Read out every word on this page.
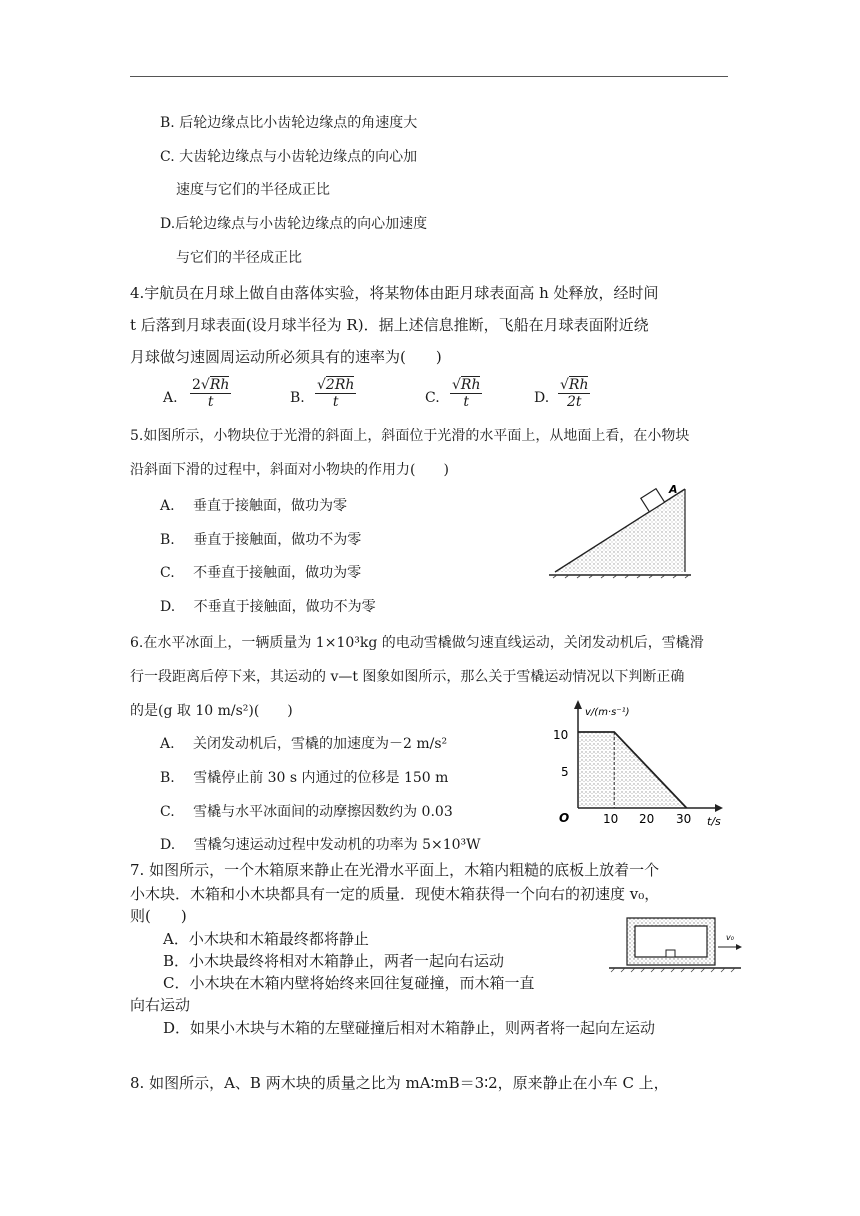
B. 后轮边缘点比小齿轮边缘点的角速度大
C. 大齿轮边缘点与小齿轮边缘点的向心加
速度与它们的半径成正比
D.后轮边缘点与小齿轮边缘点的向心加速度
与它们的半径成正比
4.宇航员在月球上做自由落体实验，将某物体由距月球表面高 h 处释放，经时间
t 后落到月球表面(设月球半径为 R)．据上述信息推断，飞船在月球表面附近绕
月球做匀速圆周运动所必须具有的速率为(　　)
A. $\frac{2√Rh}{t}$	B. $\frac{√2Rh}{t}$	C. $\frac{√Rh}{t}$	D. $\frac{√Rh}{2t}$
5.如图所示，小物块位于光滑的斜面上，斜面位于光滑的水平面上，从地面上看，在小物块
沿斜面下滑的过程中，斜面对小物块的作用力(　　)
A.　 垂直于接触面，做功为零
B.　 垂直于接触面，做功不为零
C.　 不垂直于接触面，做功为零
D.　 不垂直于接触面，做功不为零
A
6.在水平冰面上，一辆质量为 1×10³kg 的电动雪橇做匀速直线运动，关闭发动机后，雪橇滑
行一段距离后停下来，其运动的 v—t 图象如图所示，那么关于雪橇运动情况以下判断正确
的是(g 取 10 m/s²)(　　)
A.　 关闭发动机后，雪橇的加速度为－2 m/s²
B.　 雪橇停止前 30 s 内通过的位移是 150 m
C.　 雪橇与水平冰面间的动摩擦因数约为 0.03
D.　 雪橇匀速运动过程中发动机的功率为 5×10³W
v/(m·s⁻¹)
t/s
O
10
5
10 20 30
7. 如图所示，一个木箱原来静止在光滑水平面上，木箱内粗糙的底板上放着一个
小木块．木箱和小木块都具有一定的质量．现使木箱获得一个向右的初速度 v₀，
则(　　)
A．小木块和木箱最终都将静止
B．小木块最终将相对木箱静止，两者一起向右运动
C．小木块在木箱内壁将始终来回往复碰撞，而木箱一直
向右运动
D．如果小木块与木箱的左壁碰撞后相对木箱静止，则两者将一起向左运动
v₀
8. 如图所示，A、B 两木块的质量之比为 mA∶mB＝3∶2，原来静止在小车 C 上，
